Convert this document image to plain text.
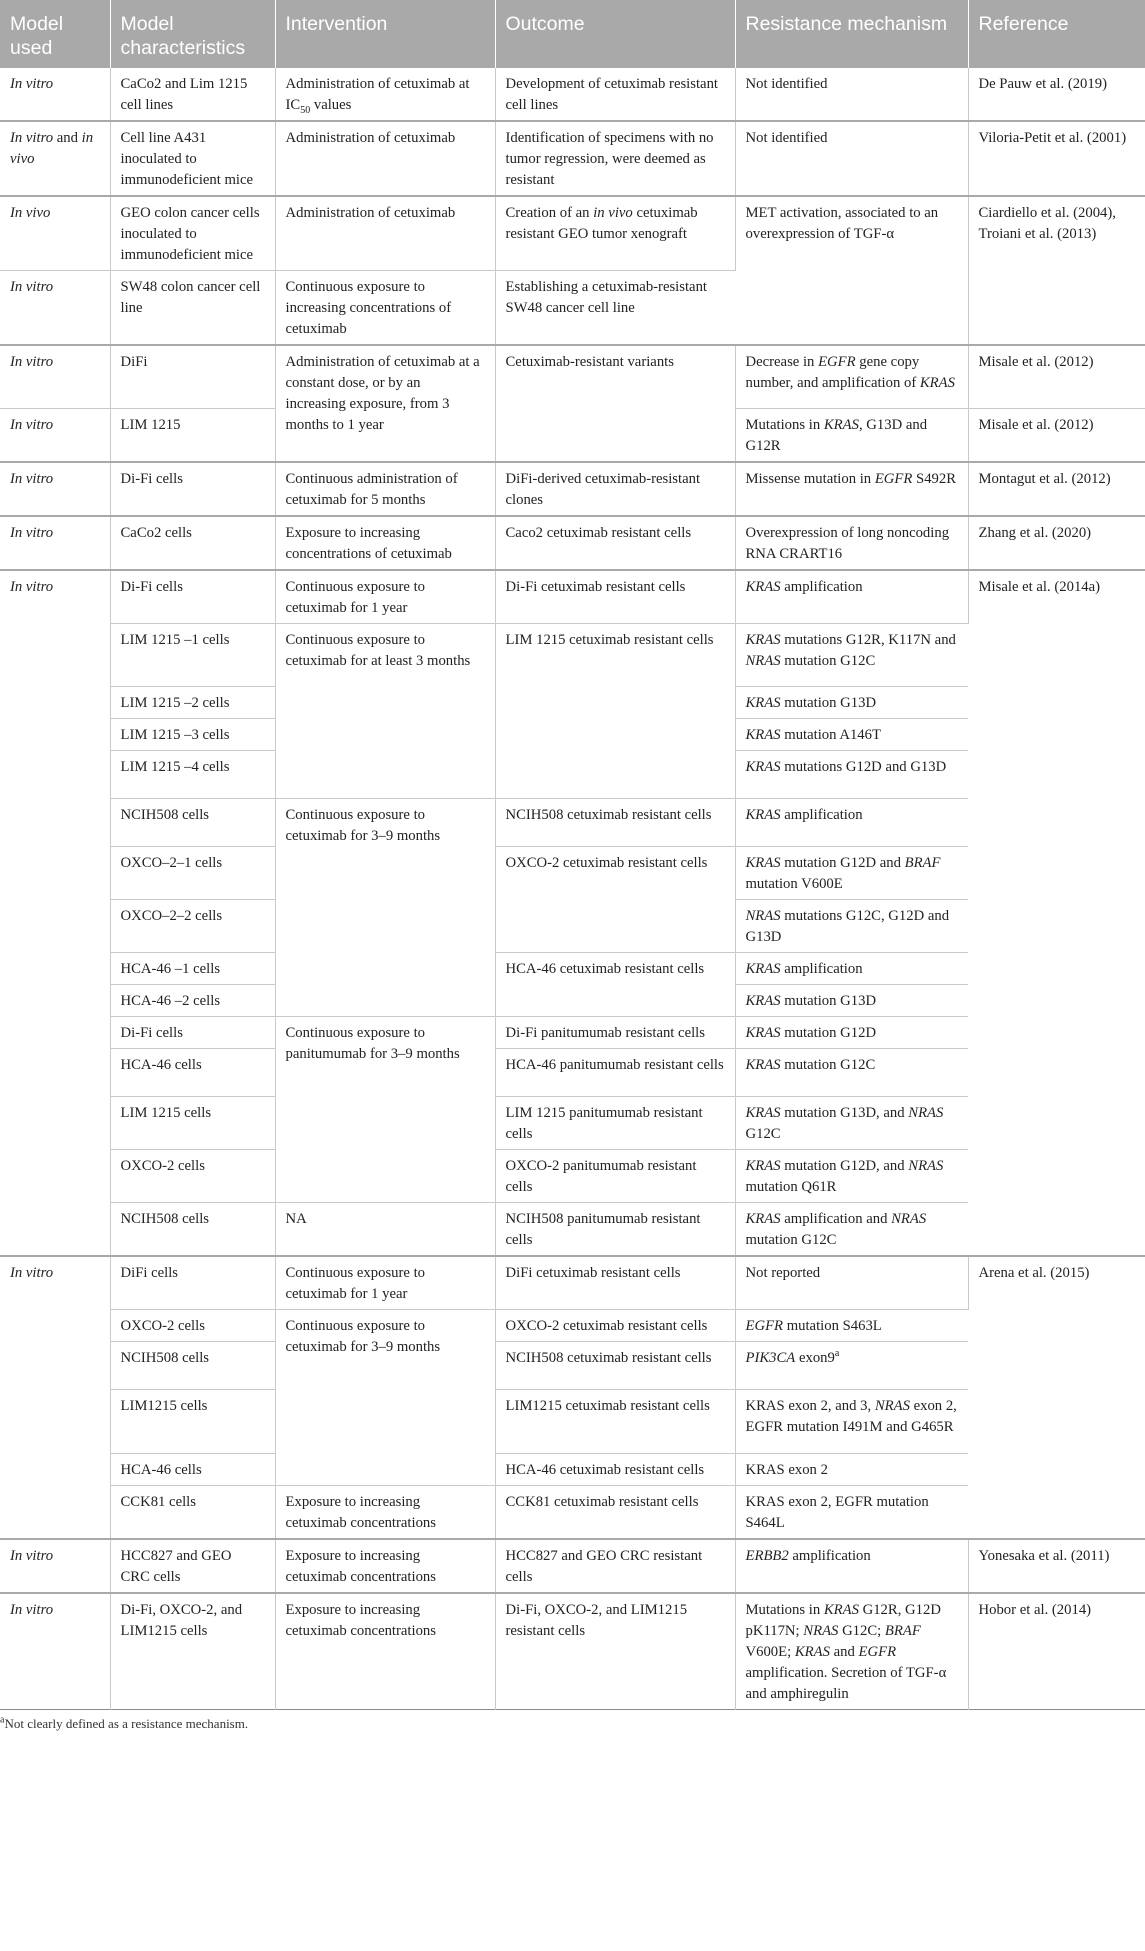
Model used	Model characteristics	Intervention	Outcome	Resistance mechanism	Reference
In vitro	CaCo2 and Lim 1215 cell lines	Administration of cetuximab at $IC_{50}$ values	Development of cetuximab resistant cell lines	Not identified	De Pauw et al. (2019)
In vitro and in vivo	Cell line A431 inoculated to immunodeficient mice	Administration of cetuximab	Identification of specimens with no tumor regression, were deemed as resistant	Not identified	Viloria-Petit et al. (2001)
In vivo	GEO colon cancer cells inoculated to immunodeficient mice	Administration of cetuximab	Creation of an in vivo cetuximab resistant GEO tumor xenograft	MET activation, associated to an overexpression of TGF-α	Ciardiello et al. (2004), Troiani et al. (2013)
In vitro	SW48 colon cancer cell line	Continuous exposure to increasing concentrations of cetuximab	Establishing a cetuximab-resistant SW48 cancer cell line		
In vitro	DiFi	Administration of cetuximab at a constant dose, or by an increasing exposure, from 3 months to 1 year	Cetuximab-resistant variants	Decrease in EGFR gene copy number, and amplification of KRAS	Misale et al. (2012)
In vitro	LIM 1215			Mutations in KRAS, G13D and G12R	Misale et al. (2012)
In vitro	Di-Fi cells	Continuous administration of cetuximab for 5 months	DiFi-derived cetuximab-resistant clones	Missense mutation in EGFR S492R	Montagut et al. (2012)
In vitro	CaCo2 cells	Exposure to increasing concentrations of cetuximab	Caco2 cetuximab resistant cells	Overexpression of long noncoding RNA CRART16	Zhang et al. (2020)
In vitro	Di-Fi cells	Continuous exposure to cetuximab for 1 year	Di-Fi cetuximab resistant cells	KRAS amplification	Misale et al. (2014a)
	LIM 1215 –1 cells	Continuous exposure to cetuximab for at least 3 months	LIM 1215 cetuximab resistant cells	KRAS mutations G12R, K117N and NRAS mutation G12C	
	LIM 1215 –2 cells			KRAS mutation G13D	
	LIM 1215 –3 cells			KRAS mutation A146T	
	LIM 1215 –4 cells			KRAS mutations G12D and G13D	
	NCIH508 cells	Continuous exposure to cetuximab for 3–9 months	NCIH508 cetuximab resistant cells	KRAS amplification	
	OXCO–2–1 cells		OXCO-2 cetuximab resistant cells	KRAS mutation G12D and BRAF mutation V600E	
	OXCO–2–2 cells			NRAS mutations G12C, G12D and G13D	
	HCA-46 –1 cells		HCA-46 cetuximab resistant cells	KRAS amplification	
	HCA-46 –2 cells			KRAS mutation G13D	
	Di-Fi cells	Continuous exposure to panitumumab for 3–9 months	Di-Fi panitumumab resistant cells	KRAS mutation G12D	
	HCA-46 cells		HCA-46 panitumumab resistant cells	KRAS mutation G12C	
	LIM 1215 cells		LIM 1215 panitumumab resistant cells	KRAS mutation G13D, and NRAS G12C	
	OXCO-2 cells		OXCO-2 panitumumab resistant cells	KRAS mutation G12D, and NRAS mutation Q61R	
	NCIH508 cells	NA	NCIH508 panitumumab resistant cells	KRAS amplification and NRAS mutation G12C	
In vitro	DiFi cells	Continuous exposure to cetuximab for 1 year	DiFi cetuximab resistant cells	Not reported	Arena et al. (2015)
	OXCO-2 cells	Continuous exposure to cetuximab for 3–9 months	OXCO-2 cetuximab resistant cells	EGFR mutation S463L	
	NCIH508 cells		NCIH508 cetuximab resistant cells	PIK3CA exon9$^a$
	LIM1215 cells		LIM1215 cetuximab resistant cells	KRAS exon 2, and 3, NRAS exon 2, EGFR mutation I491M and G465R	
	HCA-46 cells		HCA-46 cetuximab resistant cells	KRAS exon 2	
	CCK81 cells	Exposure to increasing cetuximab concentrations	CCK81 cetuximab resistant cells	KRAS exon 2, EGFR mutation S464L	
In vitro	HCC827 and GEO CRC cells	Exposure to increasing cetuximab concentrations	HCC827 and GEO CRC resistant cells	ERBB2 amplification	Yonesaka et al. (2011)
In vitro	Di-Fi, OXCO-2, and LIM1215 cells	Exposure to increasing cetuximab concentrations	Di-Fi, OXCO-2, and LIM1215 resistant cells	Mutations in KRAS G12R, G12D pK117N; NRAS G12C; BRAF V600E; KRAS and EGFR amplification. Secretion of TGF-α and amphiregulin	Hobor et al. (2014)
$^a$Not clearly defined as a resistance mechanism.
